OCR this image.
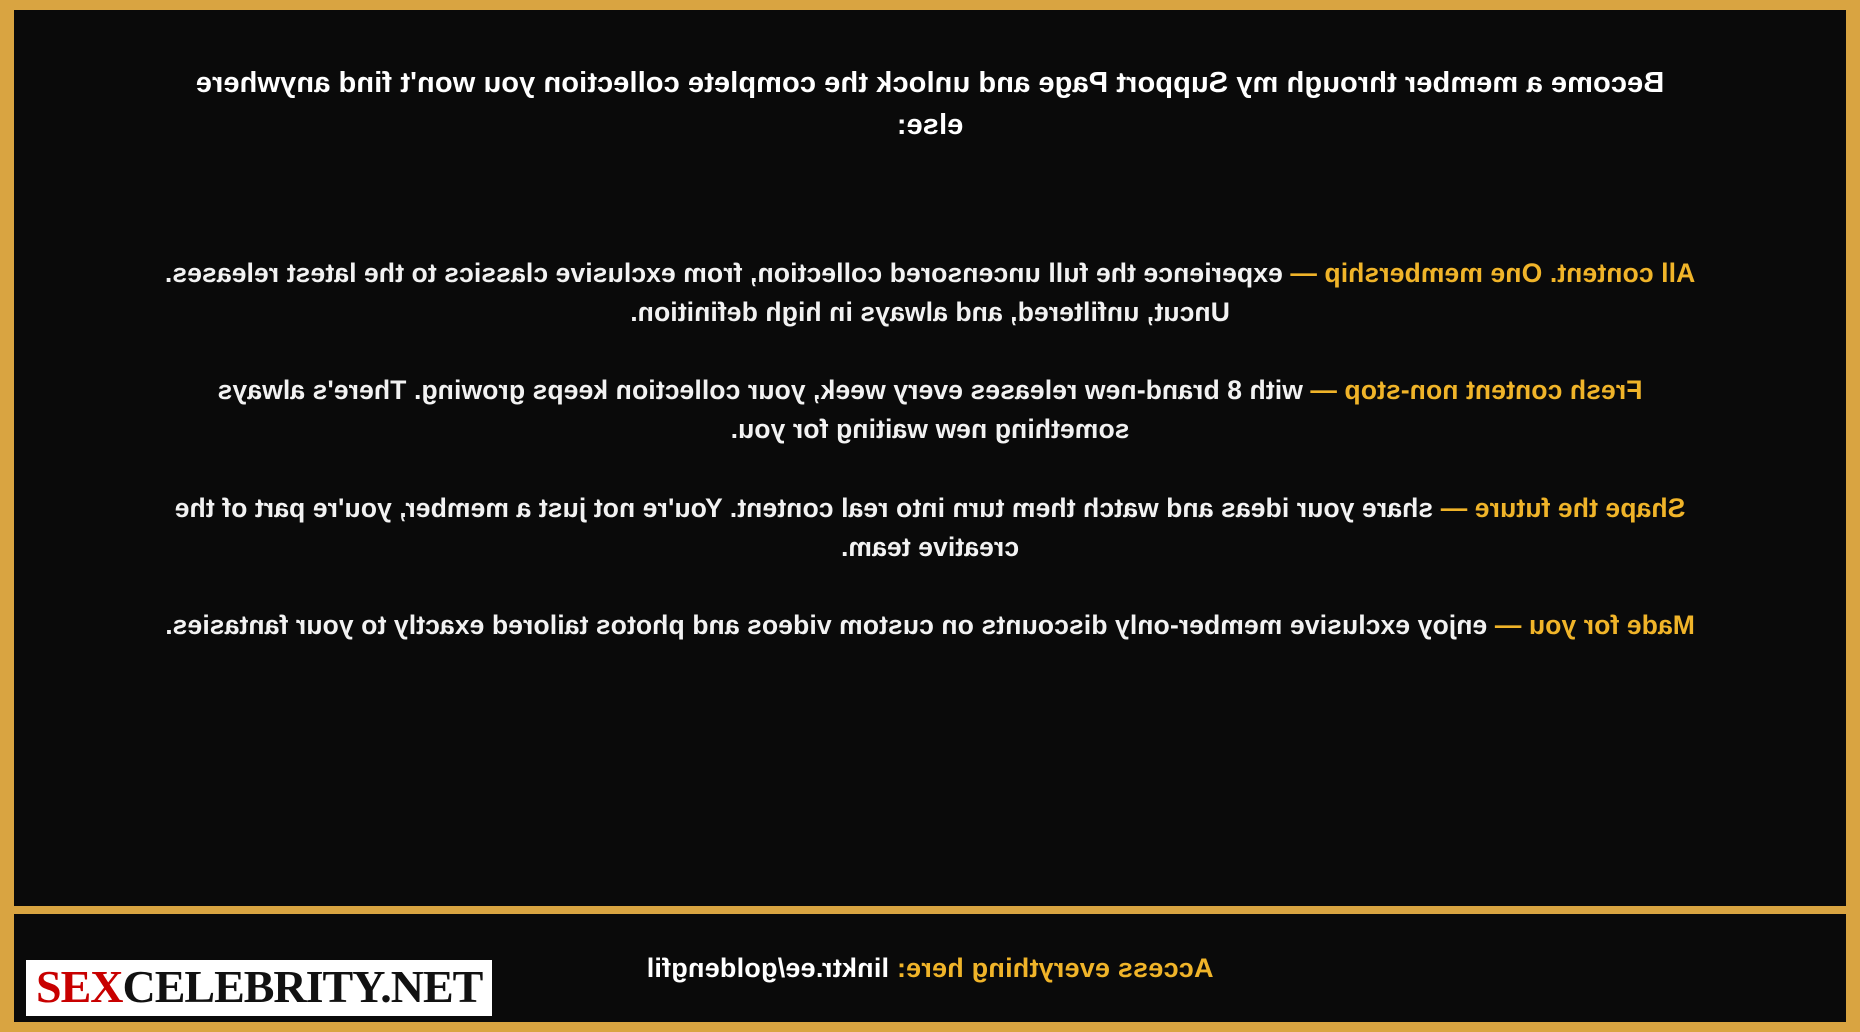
Become a member through my Support Page and unlock the complete collection you won't find anywhere else:

All content. One membership — experience the full uncensored collection, from exclusive classics to the latest releases. Uncut, unfiltered, and always in high definition.

Fresh content non-stop — with 8 brand-new releases every week, your collection keeps growing. There's always something new waiting for you.

Shape the future — share your ideas and watch them turn into real content. You're not just a member, you're part of the creative team.

Made for you — enjoy exclusive member-only discounts on custom videos and photos tailored exactly to your fantasies.

Access everything here: linktr.ee/goldengfil
SEX CELEBRITY.NET
